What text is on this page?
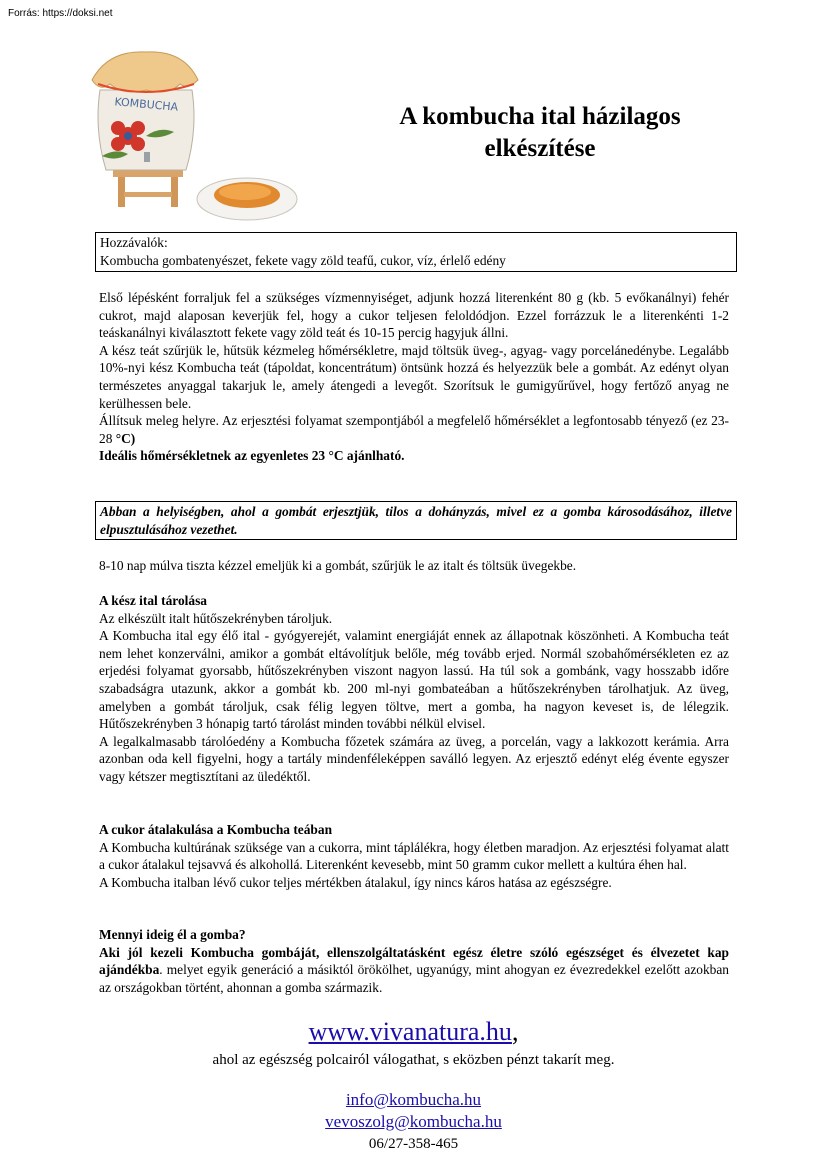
Forrás: https://doksi.net
KOMBUCHA	A kombucha ital házilagos
elkészítése
Hozzávalók:
Kombucha gombatenyészet, fekete vagy zöld teafű, cukor, víz, érlelő edény

Első lépésként forraljuk fel a szükséges vízmennyiséget, adjunk hozzá literenként 80 g (kb. 5 evőkanálnyi) fehér cukrot, majd alaposan keverjük fel, hogy a cukor teljesen feloldódjon. Ezzel forrázzuk le a literenkénti 1-2 teáskanálnyi kiválasztott fekete vagy zöld teát és 10-15 percig hagyjuk állni.

A kész teát szűrjük le, hűtsük kézmeleg hőmérsékletre, majd töltsük üveg-, agyag- vagy porcelánedénybe. Legalább 10%-nyi kész Kombucha teát (tápoldat, koncentrátum) öntsünk hozzá és helyezzük bele a gombát. Az edényt olyan természetes anyaggal takarjuk le, amely átengedi a levegőt. Szorítsuk le gumigyűrűvel, hogy fertőző anyag ne kerülhessen bele.

Állítsuk meleg helyre. Az erjesztési folyamat szempontjából a megfelelő hőmérséklet a legfontosabb tényező (ez 23-28 °C)

Ideális hőmérsékletnek az egyenletes 23 °C ajánlható.

Abban a helyiségben, ahol a gombát erjesztjük, tilos a dohányzás, mivel ez a gomba károsodásához, illetve elpusztulásához vezethet.
8-10 nap múlva tiszta kézzel emeljük ki a gombát, szűrjük le az italt és töltsük üvegekbe.

A kész ital tárolása

Az elkészült italt hűtőszekrényben tároljuk.

A Kombucha ital egy élő ital - gyógyerejét, valamint energiáját ennek az állapotnak köszönheti. A Kombucha teát nem lehet konzerválni, amikor a gombát eltávolítjuk belőle, még tovább erjed. Normál szobahőmérsékleten ez az erjedési folyamat gyorsabb, hűtőszekrényben viszont nagyon lassú. Ha túl sok a gombánk, vagy hosszabb időre szabadságra utazunk, akkor a gombát kb. 200 ml-nyi gombateában a hűtőszekrényben tárolhatjuk. Az üveg, amelyben a gombát tároljuk, csak félig legyen töltve, mert a gomba, ha nagyon keveset is, de lélegzik. Hűtőszekrényben 3 hónapig tartó tárolást minden további nélkül elvisel.

A legalkalmasabb tárolóedény a Kombucha főzetek számára az üveg, a porcelán, vagy a lakkozott kerámia. Arra azonban oda kell figyelni, hogy a tartály mindenféleképpen saválló legyen. Az erjesztő edényt elég évente egyszer vagy kétszer megtisztítani az üledéktől.

A cukor átalakulása a Kombucha teában

A Kombucha kultúrának szüksége van a cukorra, mint táplálékra, hogy életben maradjon. Az erjesztési folyamat alatt a cukor átalakul tejsavvá és alkohollá. Literenként kevesebb, mint 50 gramm cukor mellett a kultúra éhen hal.

A Kombucha italban lévő cukor teljes mértékben átalakul, így nincs káros hatása az egészségre.

Mennyi ideig él a gomba?

Aki jól kezeli Kombucha gombáját, ellenszolgáltatásként egész életre szóló egészséget és élvezetet kap ajándékba. melyet egyik generáció a másiktól örökölhet, ugyanúgy, mint ahogyan ez évezredekkel ezelőtt azokban az országokban történt, ahonnan a gomba származik.

www.vivanatura.hu,
ahol az egészség polcairól válogathat, s eközben pénzt takarít meg.
info@kombucha.hu
vevoszolg@kombucha.hu
06/27-358-465
